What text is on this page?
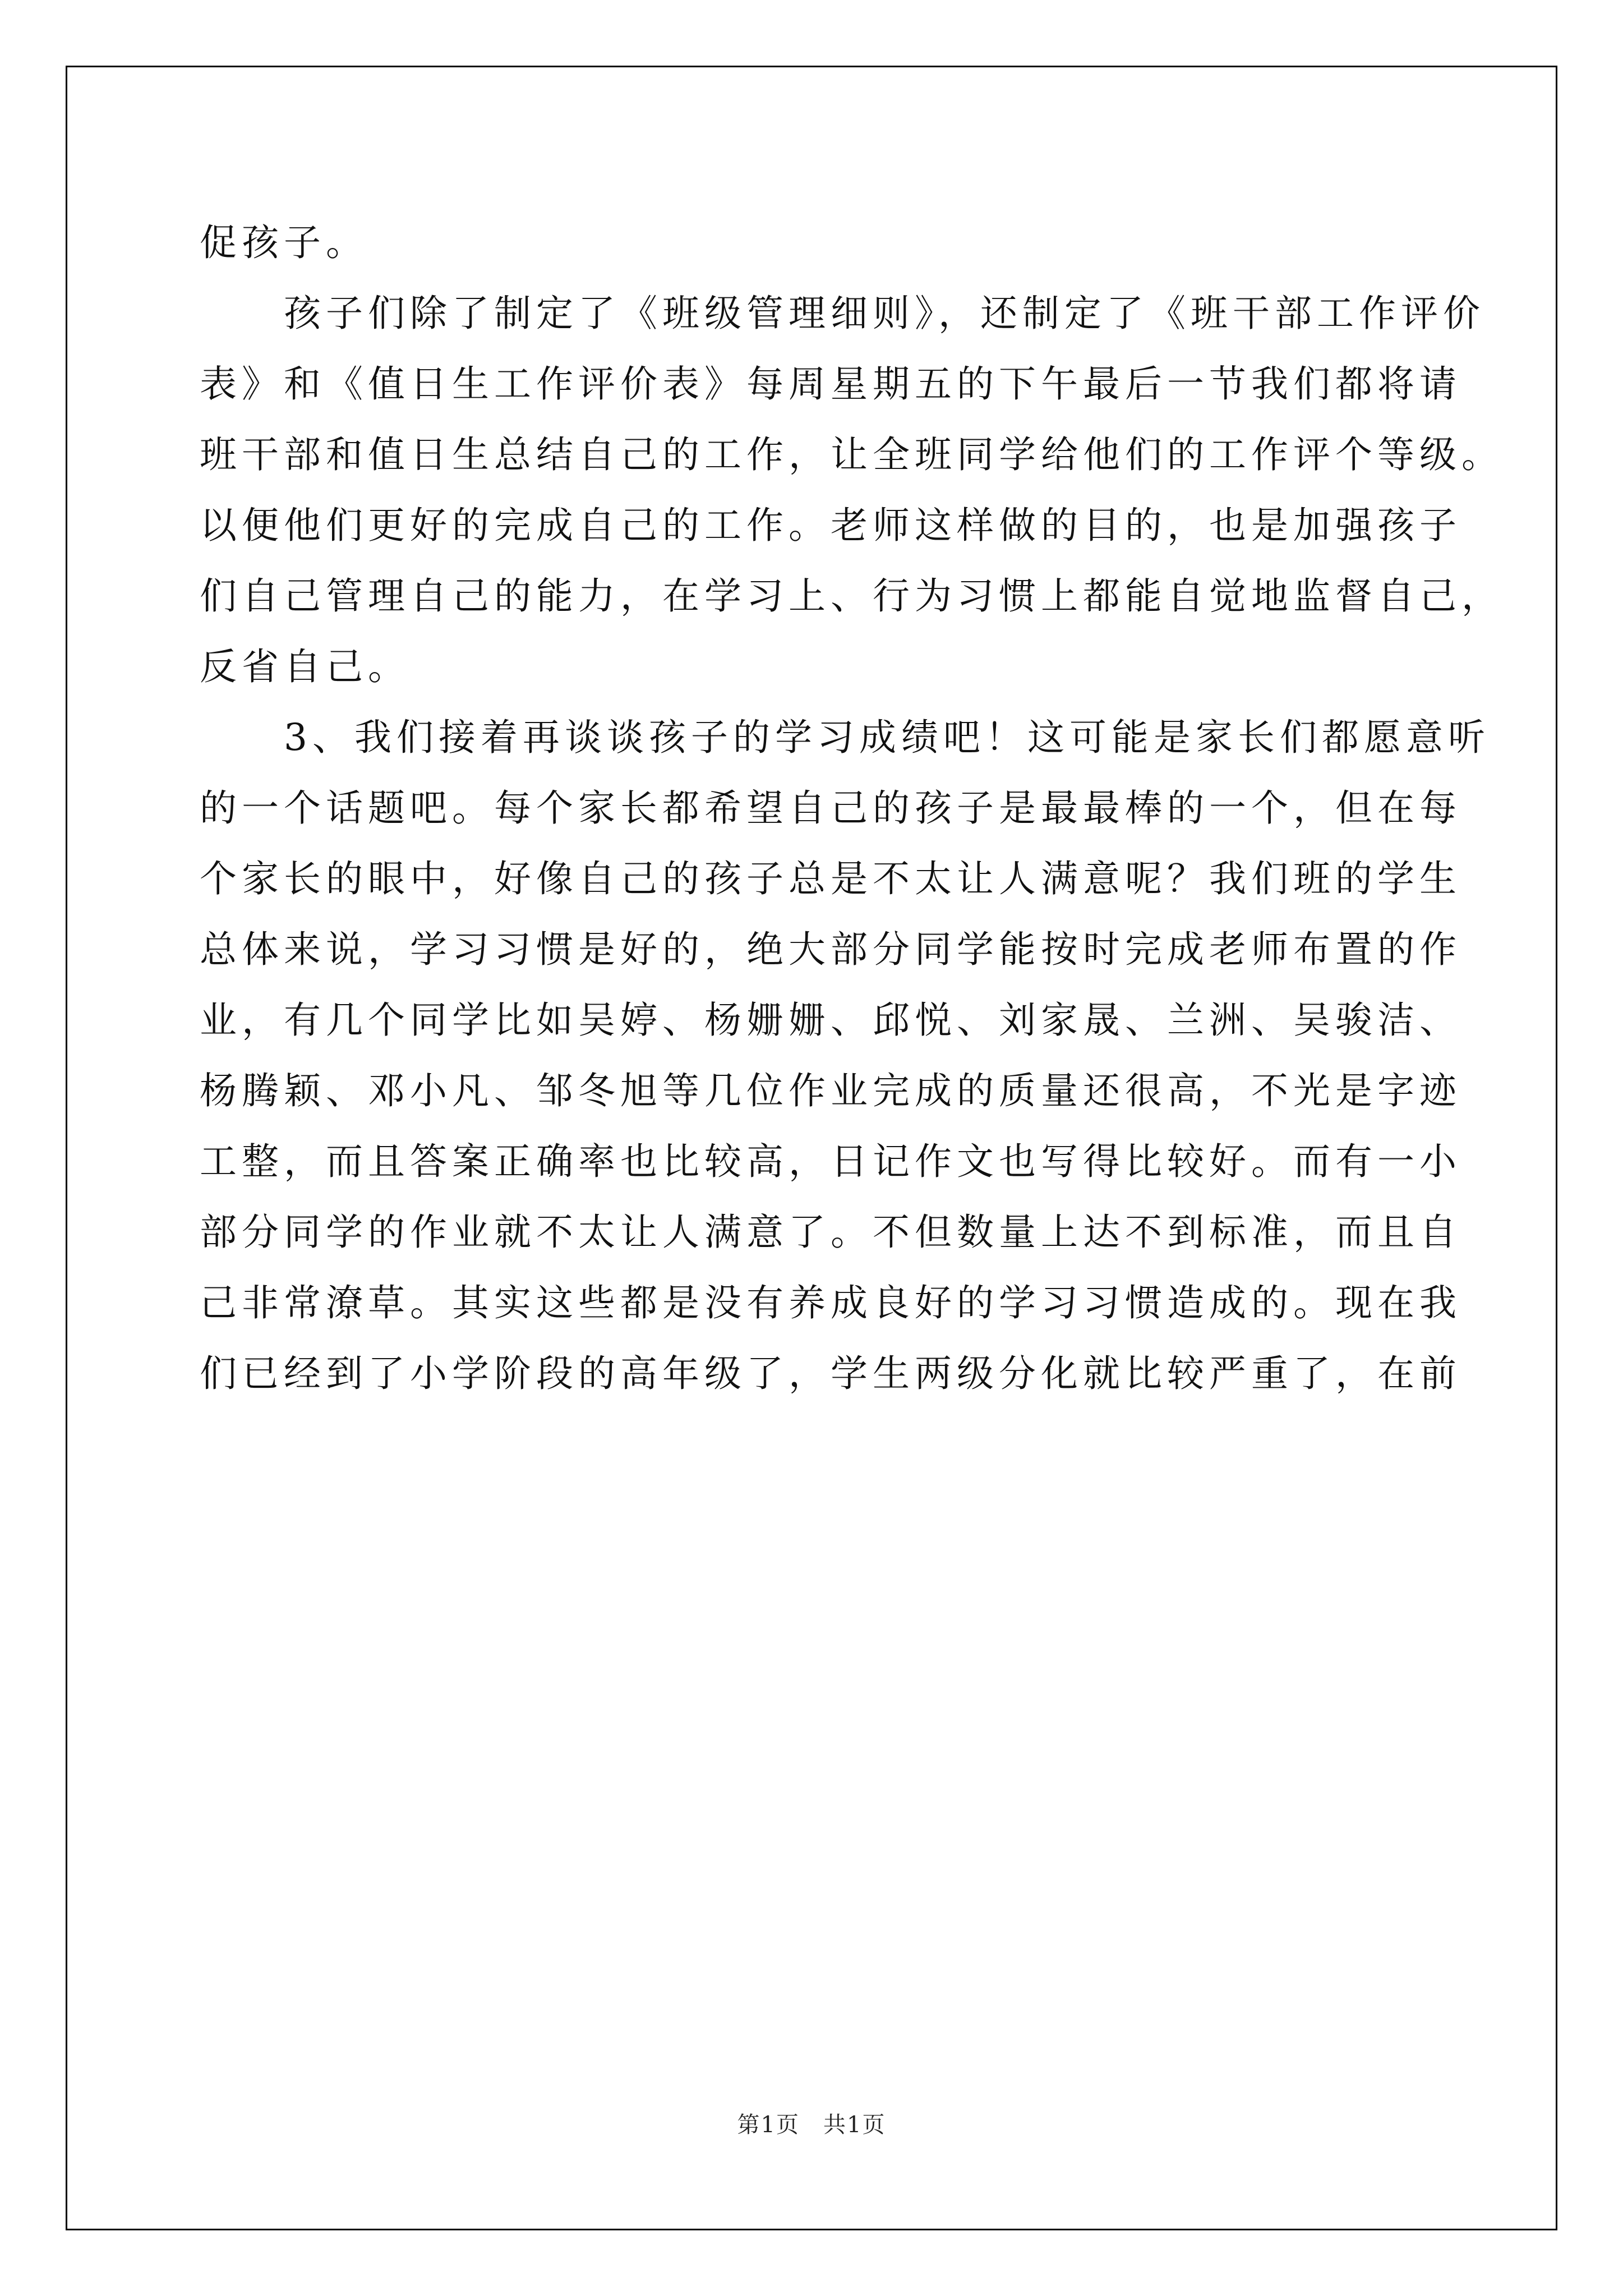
促孩子。
　　孩子们除了制定了《班级管理细则》，还制定了《班干部工作评价
表》和《值日生工作评价表》每周星期五的下午最后一节我们都将请
班干部和值日生总结自己的工作，让全班同学给他们的工作评个等级。
以便他们更好的完成自己的工作。老师这样做的目的，也是加强孩子
们自己管理自己的能力，在学习上、行为习惯上都能自觉地监督自己，
反省自己。
　　3、我们接着再谈谈孩子的学习成绩吧！这可能是家长们都愿意听
的一个话题吧。每个家长都希望自己的孩子是最最棒的一个，但在每
个家长的眼中，好像自己的孩子总是不太让人满意呢？我们班的学生
总体来说，学习习惯是好的，绝大部分同学能按时完成老师布置的作
业，有几个同学比如吴婷、杨姗姗、邱悦、刘家晟、兰洲、吴骏洁、
杨腾颖、邓小凡、邹冬旭等几位作业完成的质量还很高，不光是字迹
工整，而且答案正确率也比较高，日记作文也写得比较好。而有一小
部分同学的作业就不太让人满意了。不但数量上达不到标准，而且自
己非常潦草。其实这些都是没有养成良好的学习习惯造成的。现在我
们已经到了小学阶段的高年级了，学生两级分化就比较严重了，在前
第1页　共1页
